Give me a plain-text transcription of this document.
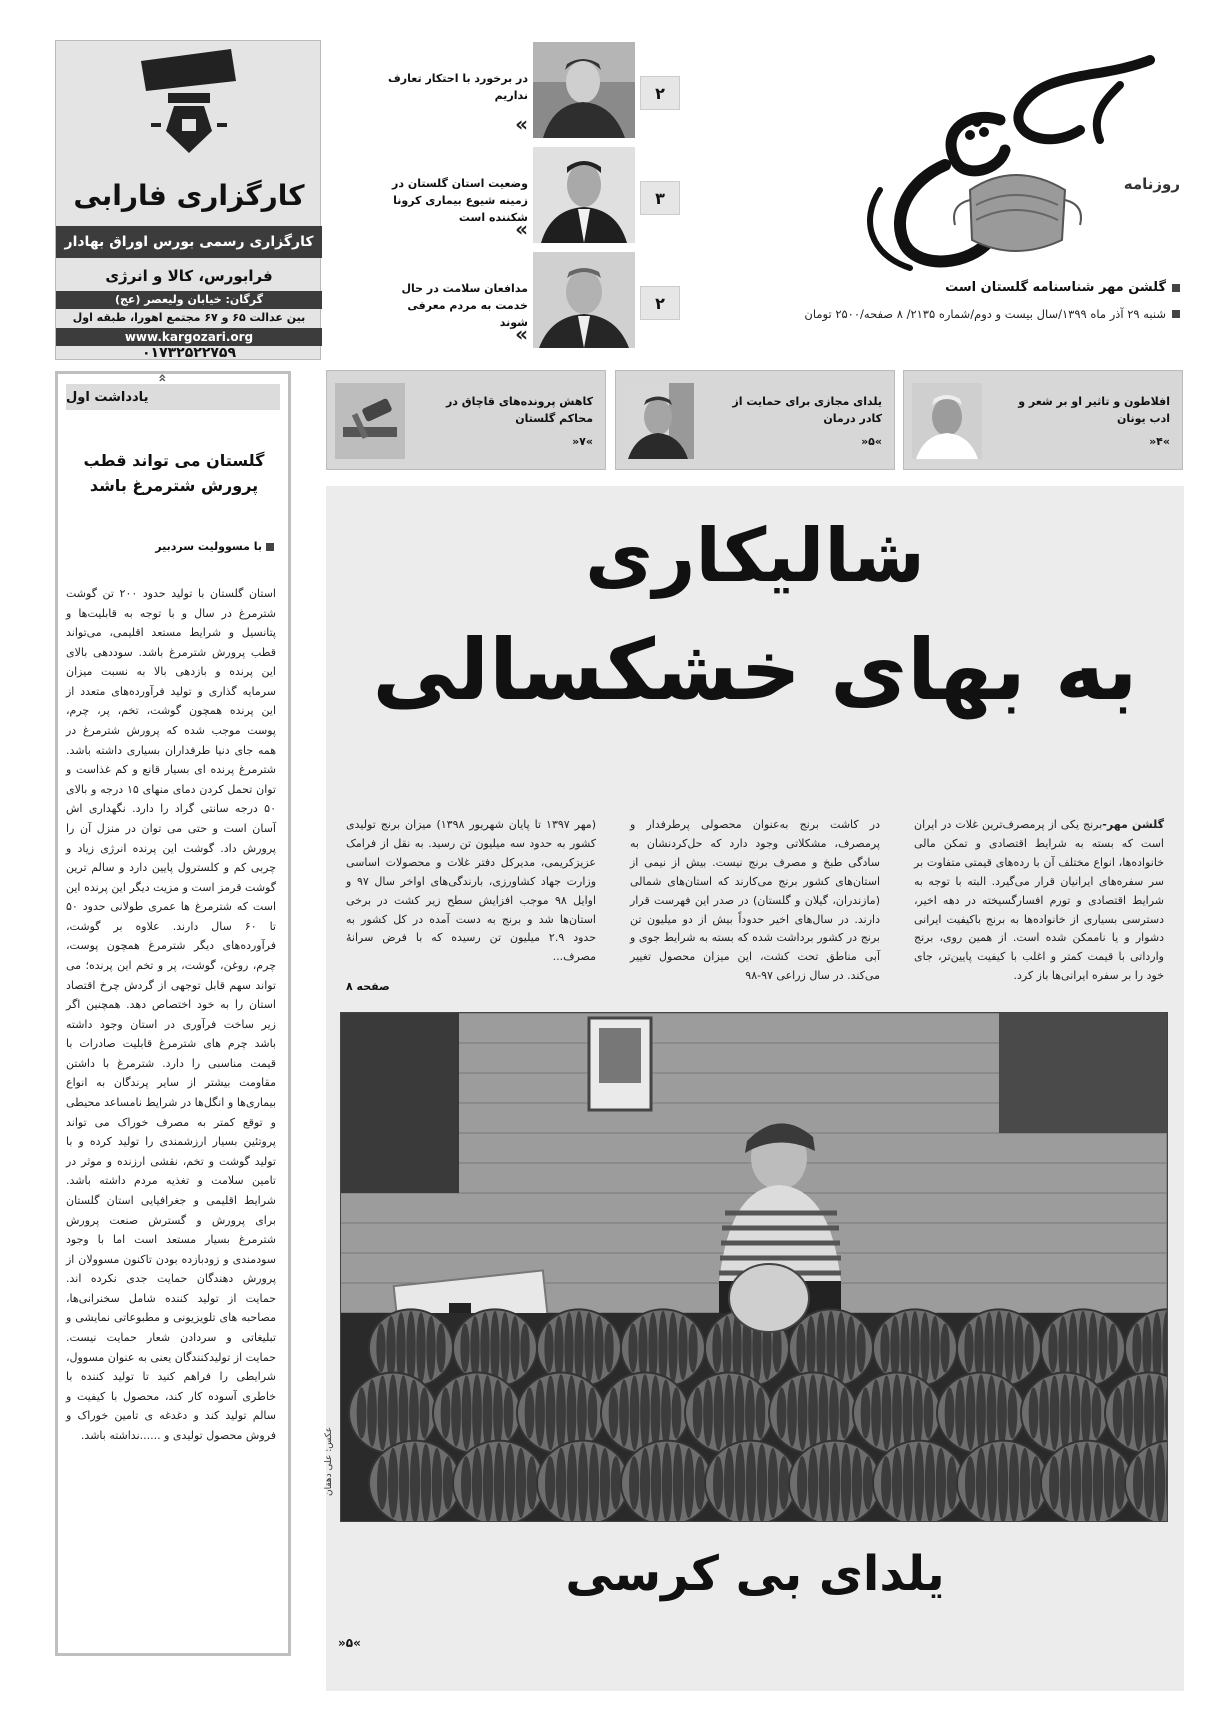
روزنامه
گلشن مهر شناسنامه گلستان است
شنبه ۲۹ آذر ماه ۱۳۹۹/سال بیست و دوم/شماره ۲۱۳۵/ ۸ صفحه/۲۵۰۰ تومان
۲
در برخورد با احتکار تعارف نداریم
»
۳
وضعیت استان گلستان در زمینه شیوع بیماری کرونا شکننده است
»
۲
مدافعان سلامت در حال خدمت به مردم معرفی شوند
»
کارگزاری فارابی
کارگزاری رسمی بورس اوراق بهادار
فرابورس، کالا و انرژی
گرگان: خیابان ولیعصر (عج)
بین عدالت ۶۵ و ۶۷ مجتمع اهورا، طبقه اول
www.kargozari.org
۰۱۷۳۲۵۲۲۷۵۹
یادداشت اول
«
گلستان می تواند قطب پرورش شترمرغ باشد
با مسوولیت سردبیر
استان گلستان با تولید حدود ۲۰۰ تن گوشت شترمرغ در سال و با توجه به قابلیت‌ها و پتانسیل و شرایط مستعد اقلیمی، می‌تواند قطب پرورش شترمرغ باشد. سوددهی بالای این پرنده و بازدهی بالا به نسبت میزان سرمایه گذاری و تولید فرآورده‌های متعدد از این پرنده همچون گوشت، تخم، پر، چرم، پوست موجب شده که پرورش شترمرغ در همه جای دنیا طرفداران بسیاری داشته باشد. شترمرغ پرنده ای بسیار قانع و کم غذاست و توان تحمل کردن دمای منهای ۱۵ درجه و بالای ۵۰ درجه سانتی گراد را دارد. نگهداری اش آسان است و حتی می توان در منزل آن را پرورش داد. گوشت این پرنده انرژی زیاد و چربی کم و کلسترول پایین دارد و سالم ترین گوشت قرمز است و مزیت دیگر این پرنده این است که شترمرغ ها عمری طولانی حدود ۵۰ تا ۶۰ سال دارند. علاوه بر گوشت، فرآورده‌های دیگر شترمرغ همچون پوست، چرم، روغن، گوشت، پر و تخم این پرنده؛ می تواند سهم قابل توجهی از گردش چرخ اقتصاد استان را به خود اختصاص دهد. همچنین اگر زیر ساخت فرآوری در استان وجود داشته باشد چرم های شترمرغ قابلیت صادرات با قیمت مناسبی را دارد. شترمرغ با داشتن مقاومت بیشتر از سایر پرندگان به انواع بیماری‌ها و انگل‌ها در شرایط نامساعد محیطی و توقع کمتر به مصرف خوراک می تواند پروتئین بسیار ارزشمندی را تولید کرده و با تولید گوشت و تخم، نقشی ارزنده و موثر در تامین سلامت و تغذیه مردم داشته باشد. شرایط اقلیمی و جغرافیایی استان گلستان برای پرورش و گسترش صنعت پرورش شترمرغ بسیار مستعد است اما با وجود سودمندی و زودبازده بودن تاکنون مسوولان از پرورش دهندگان حمایت جدی نکرده اند. حمایت از تولید کننده شامل سخنرانی‌ها، مصاحبه های تلویزیونی و مطبوعاتی نمایشی و تبلیغاتی و سردادن شعار حمایت نیست. حمایت از تولیدکنندگان یعنی به عنوان مسوول، شرایطی را فراهم کنید تا تولید کننده با خاطری آسوده کار کند، محصول با کیفیت و سالم تولید کند و دغدغه ی تامین خوراک و فروش محصول تولیدی و ......نداشته باشد.
افلاطون و تاثیر او بر شعر و ادب یونان
»۴«
یلدای مجازی برای حمایت از کادر درمان
»۵«
کاهش پرونده‌های قاچاق در محاکم گلستان
»۷«
شالیکاری
به بهای خشکسالی
گلشن مهر-برنج یکی از پرمصرف‌ترین غلات در ایران است که بسته به شرایط اقتصادی و تمکن مالی خانواده‌ها، انواع مختلف آن با رده‌های قیمتی متفاوت بر سر سفره‌های ایرانیان قرار می‌گیرد. البته با توجه به شرایط اقتصادی و تورم افسارگسیخته در دهه اخیر، دسترسی بسیاری از خانواده‌ها به برنج باکیفیت ایرانی دشوار و یا ناممکن شده است. از همین روی، برنج وارداتی با قیمت کمتر و اغلب با کیفیت پایین‌تر، جای خود را بر سفره ایرانی‌ها باز کرد.
در کاشت برنج به‌عنوان محصولی پرطرفدار و پرمصرف، مشکلاتی وجود دارد که حل‌کردنشان به سادگی طبخ و مصرف برنج نیست. بیش از نیمی از استان‌های کشور برنج می‌کارند که استان‌های شمالی (مازندران، گیلان و گلستان) در صدر این فهرست قرار دارند. در سال‌های اخیر حدوداً بیش از دو میلیون تن برنج در کشور برداشت شده که بسته به شرایط جوی و آبی مناطق تحت کشت، این میزان محصول تغییر می‌کند. در سال زراعی ۹۷-۹۸
(مهر ۱۳۹۷ تا پایان شهریور ۱۳۹۸) میزان برنج تولیدی کشور به حدود سه میلیون تن رسید. به نقل از فرامک عزیزکریمی، مدیرکل دفتر غلات و محصولات اساسی وزارت جهاد کشاورزی، بارندگی‌های اواخر سال ۹۷ و اوایل ۹۸ موجب افزایش سطح زیر کشت در برخی استان‌ها شد و برنج به دست آمده در کل کشور به حدود ۲.۹ میلیون تن رسیده که با فرض سرانهٔ مصرف...
صفحه ۸
عکس: علی دهقان
یلدای بی کرسی
»۵«
